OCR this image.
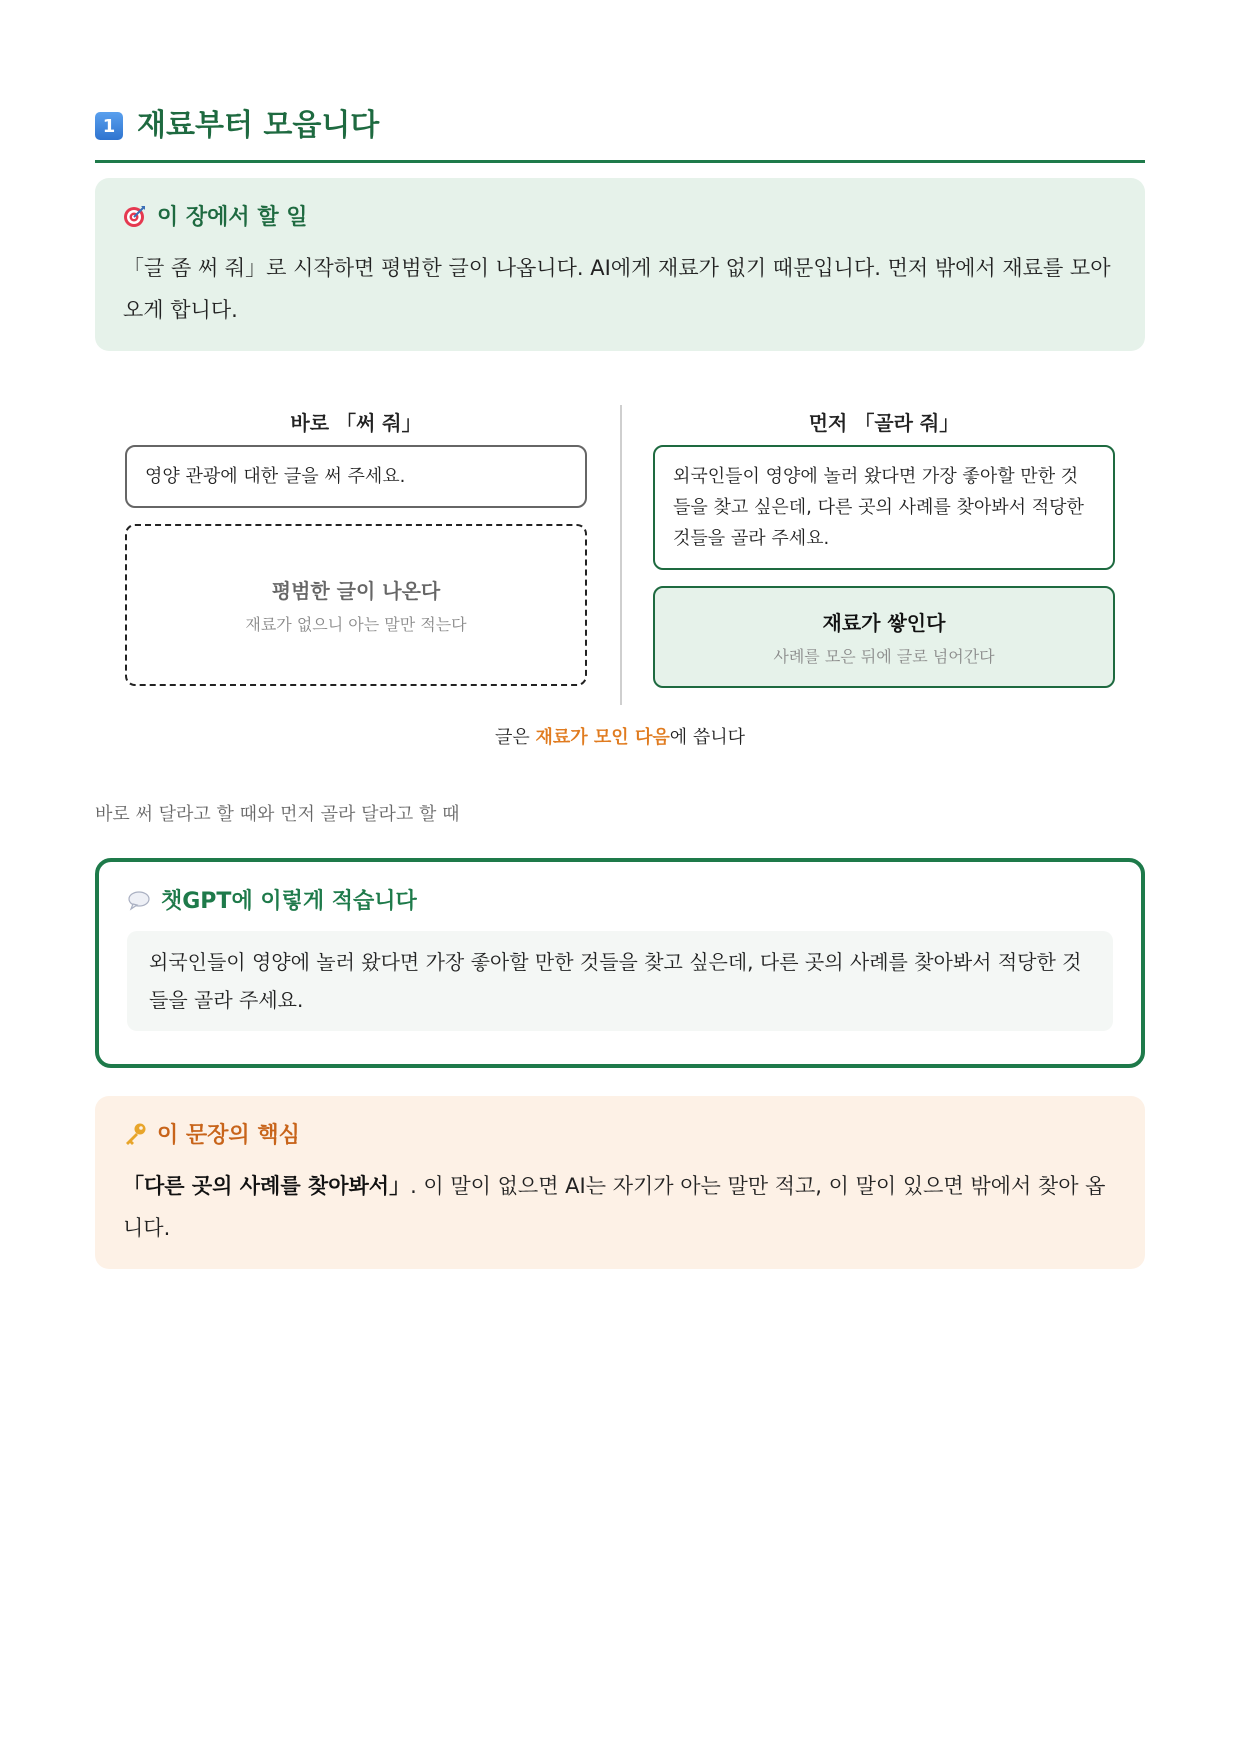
1 재료부터 모읍니다
이 장에서 할 일
「글 좀 써 줘」로 시작하면 평범한 글이 나옵니다. AI에게 재료가 없기 때문입니다. 먼저 밖에서 재료를 모아 오게 합니다.
바로 「써 줘」
영양 관광에 대한 글을 써 주세요.
평범한 글이 나온다
재료가 없으니 아는 말만 적는다
먼저 「골라 줘」
외국인들이 영양에 놀러 왔다면 가장 좋아할 만한 것들을 찾고 싶은데, 다른 곳의 사례를 찾아봐서 적당한 것들을 골라 주세요.
재료가 쌓인다
사례를 모은 뒤에 글로 넘어간다
글은 재료가 모인 다음에 씁니다
바로 써 달라고 할 때와 먼저 골라 달라고 할 때
챗GPT에 이렇게 적습니다
외국인들이 영양에 놀러 왔다면 가장 좋아할 만한 것들을 찾고 싶은데, 다른 곳의 사례를 찾아봐서 적당한 것들을 골라 주세요.
이 문장의 핵심
「다른 곳의 사례를 찾아봐서」. 이 말이 없으면 AI는 자기가 아는 말만 적고, 이 말이 있으면 밖에서 찾아 옵니다.
